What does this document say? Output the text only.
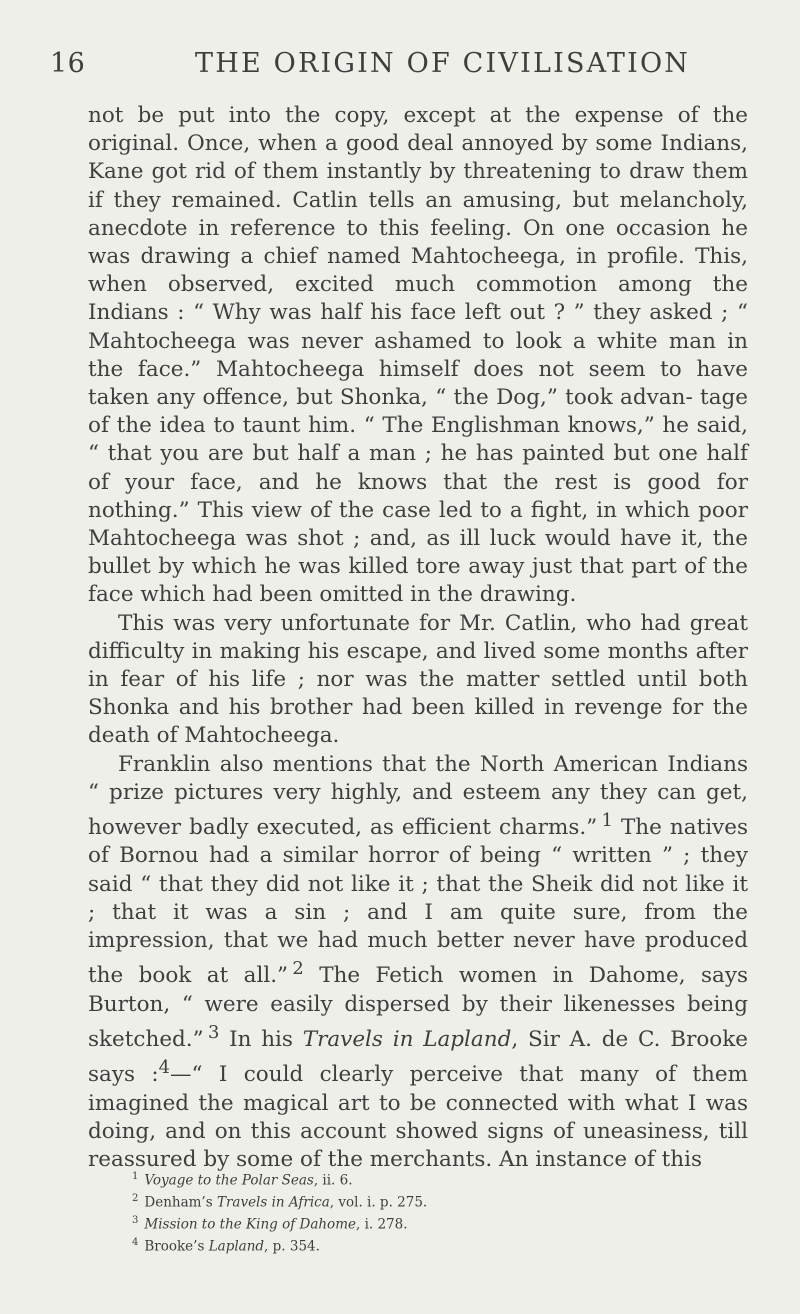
16	THE ORIGIN OF CIVILISATION

not be put into the copy, except at the expense of the original. Once, when a good deal annoyed by some Indians, Kane got rid of them instantly by threatening to draw them if they remained. Catlin tells an amusing, but melancholy, anecdote in reference to this feeling. On one occasion he was drawing a chief named Mahtocheega, in profile. This, when observed, excited much commotion among the Indians : “ Why was half his face left out ? ” they asked ; “ Mahtocheega was never ashamed to look a white man in the face.” Mahtocheega himself does not seem to have taken any offence, but Shonka, “ the Dog,” took advan- tage of the idea to taunt him. “ The Englishman knows,” he said, “ that you are but half a man ; he has painted but one half of your face, and he knows that the rest is good for nothing.” This view of the case led to a fight, in which poor Mahtocheega was shot ; and, as ill luck would have it, the bullet by which he was killed tore away just that part of the face which had been omitted in the drawing.

This was very unfortunate for Mr. Catlin, who had great difficulty in making his escape, and lived some months after in fear of his life ; nor was the matter settled until both Shonka and his brother had been killed in revenge for the death of Mahtocheega.

Franklin also mentions that the North American Indians “ prize pictures very highly, and esteem any they can get, however badly executed, as efficient charms.”  $^1$ The natives of Bornou had a similar horror of being “ written ” ; they said “ that they did not like it ; that the Sheik did not like it ; that it was a sin ; and I am quite sure, from the impression, that we had much better never have produced the book at all.”  $^2$ The Fetich women in Dahome, says Burton, “ were easily dispersed by their likenesses being sketched.”  $^3$ In his Travels in Lapland, Sir A. de C. Brooke says :$^4$—“ I could clearly perceive that many of them imagined the magical art to be connected with what I was doing, and on this account showed signs of uneasiness, till reassured by some of the merchants. An instance of this

$^1$ Voyage to the Polar Seas, ii. 6.

$^2$ Denham’s Travels in Africa, vol. i. p. 275.

$^3$ Mission to the King of Dahome, i. 278.

$^4$ Brooke’s Lapland, p. 354.
